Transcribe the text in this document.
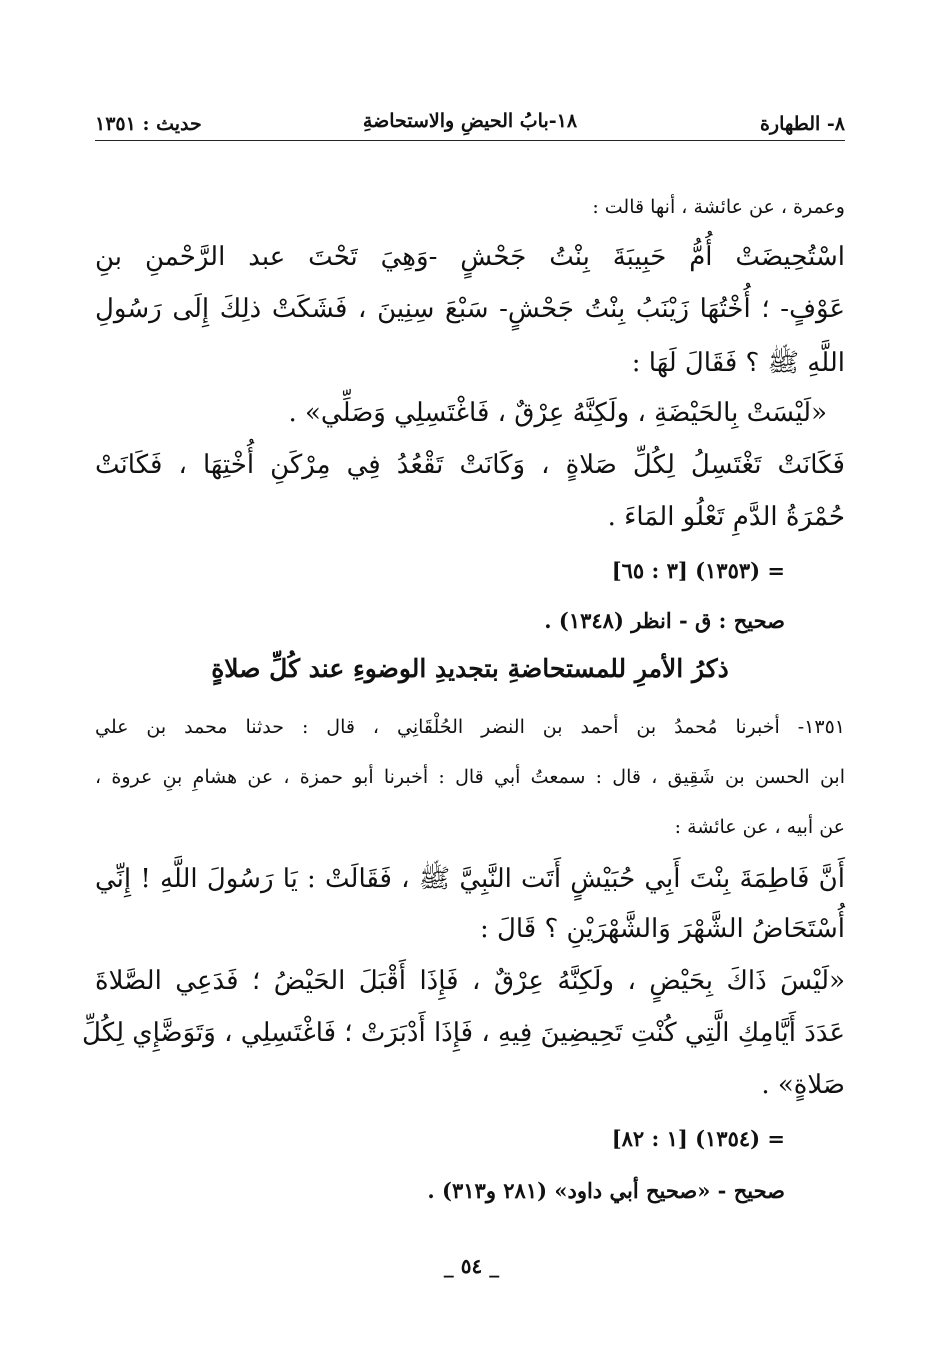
٨- الطهارة
١٨-بابُ الحيضِ والاستحاضةِ
حديث : ١٣٥١
وعمرة ، عن عائشة ، أنها قالت :
اسْتُحِيضَتْ أُمُّ حَبِيبَةَ بِنْتُ جَحْشٍ -وَهِيَ تَحْتَ عبد الرَّحْمنِ بنِ
عَوْفٍ- ؛ أُخْتُهَا زَيْنَبُ بِنْتُ جَحْشٍ- سَبْعَ سِنِينَ ، فَشَكَتْ ذلِكَ إِلَى رَسُولِ
اللَّهِ ﷺ ؟ فَقَالَ لَهَا :
«لَيْسَتْ بِالحَيْضَةِ ، ولَكِنَّهُ عِرْقٌ ، فَاغْتَسِلِي وَصَلِّي» .
فَكَانَتْ تَغْتَسِلُ لِكُلِّ صَلاةٍ ، وَكَانَتْ تَقْعُدُ فِي مِرْكَنِ أُخْتِهَا ، فَكَانَتْ
حُمْرَةُ الدَّمِ تَعْلُو المَاءَ .
= (١٣٥٣) [٣ : ٦٥]
صحيح : ق - انظر (١٣٤٨) .
ذكرُ الأمرِ للمستحاضةِ بتجديدِ الوضوءِ عند كُلِّ صلاةٍ
١٣٥١- أخبرنا مُحمدُ بن أحمد بن النضر الحُلْقَانِي ، قال : حدثنا محمد بن علي
ابن الحسن بن شَقِيق ، قال : سمعتُ أبي قال : أخبرنا أبو حمزة ، عن هشامِ بنِ عروة ،
عن أبيه ، عن عائشة :
أَنَّ فَاطِمَةَ بِنْتَ أَبِي حُبَيْشٍ أَتَت النَّبِيَّ ﷺ ، فَقَالَتْ : يَا رَسُولَ اللَّهِ ! إِنِّي
أُسْتَحَاضُ الشَّهْرَ وَالشَّهْرَيْنِ ؟ قَالَ :
«لَيْسَ ذَاكَ بِحَيْضٍ ، ولَكِنَّهُ عِرْقٌ ، فَإِذَا أَقْبَلَ الحَيْضُ ؛ فَدَعِي الصَّلاةَ
عَدَدَ أَيَّامِكِ الَّتِي كُنْتِ تَحِيضِينَ فِيهِ ، فَإِذَا أَدْبَرَتْ ؛ فَاغْتَسِلِي ، وَتَوَضَّإِي لِكُلِّ
صَلاةٍ» .
= (١٣٥٤) [١ : ٨٢]
صحيح - «صحيح أبي داود» (٢٨١ و٣١٣) .
_ ٥٤ _
